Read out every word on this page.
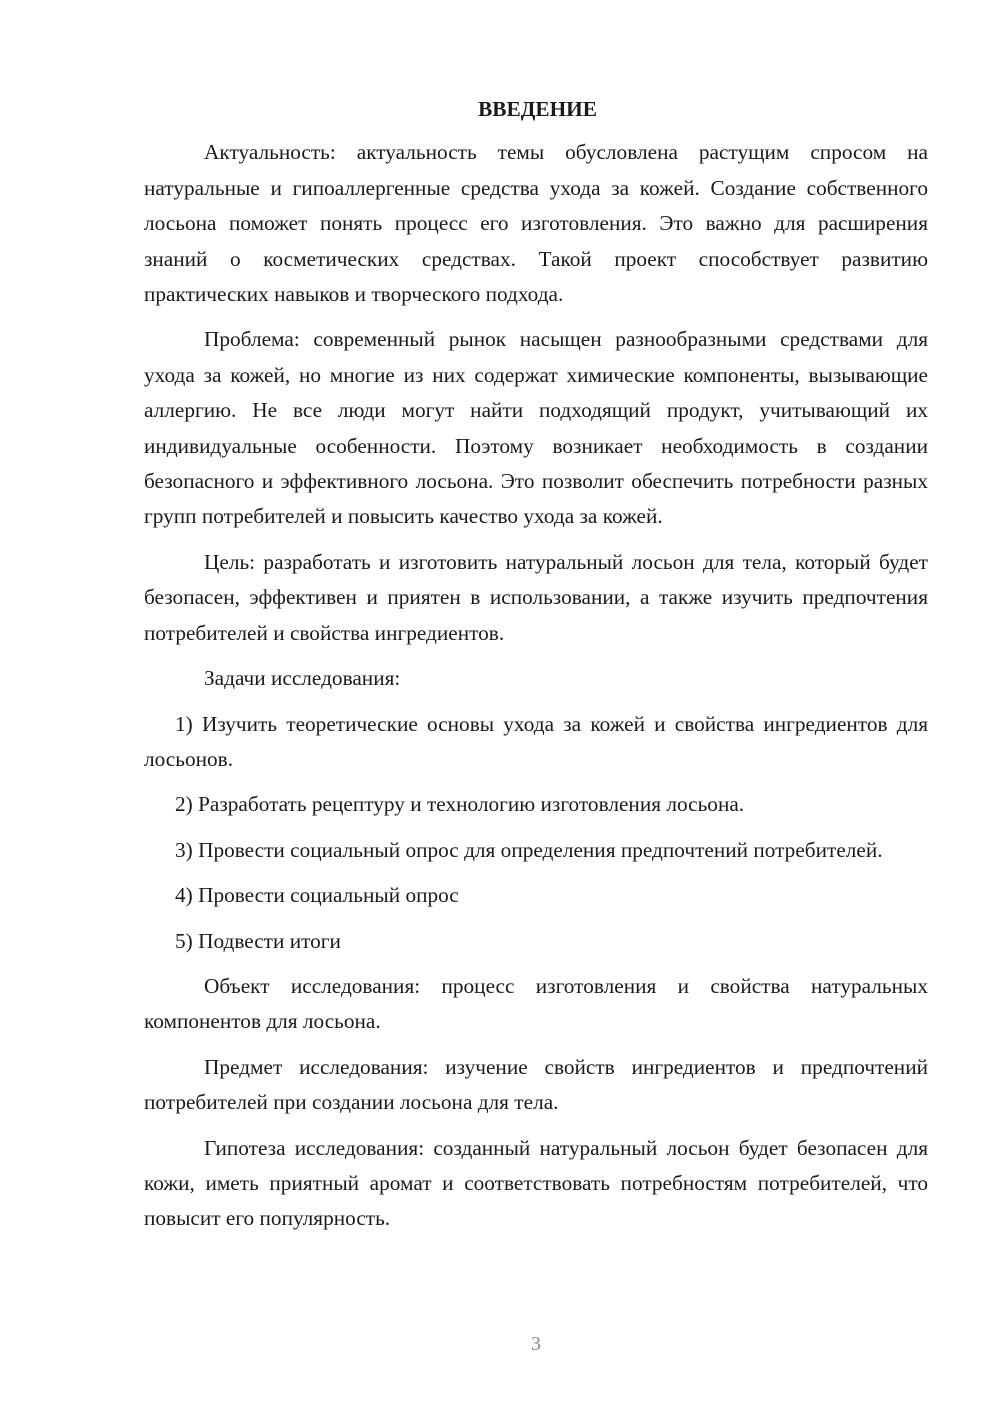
ВВЕДЕНИЕ

Актуальность: актуальность темы обусловлена растущим спросом на натуральные и гипоаллергенные средства ухода за кожей. Создание собственного лосьона поможет понять процесс его изготовления. Это важно для расширения знаний о косметических средствах. Такой проект способствует развитию практических навыков и творческого подхода.

Проблема: современный рынок насыщен разнообразными средствами для ухода за кожей, но многие из них содержат химические компоненты, вызывающие аллергию. Не все люди могут найти подходящий продукт, учитывающий их индивидуальные особенности. Поэтому возникает необходимость в создании безопасного и эффективного лосьона. Это позволит обеспечить потребности разных групп потребителей и повысить качество ухода за кожей.

Цель: разработать и изготовить натуральный лосьон для тела, который будет безопасен, эффективен и приятен в использовании, а также изучить предпочтения потребителей и свойства ингредиентов.

Задачи исследования:

1) Изучить теоретические основы ухода за кожей и свойства ингредиентов для лосьонов.

2) Разработать рецептуру и технологию изготовления лосьона.

3) Провести социальный опрос для определения предпочтений потребителей.

4) Провести социальный опрос

5) Подвести итоги

Объект исследования: процесс изготовления и свойства натуральных компонентов для лосьона.

Предмет исследования: изучение свойств ингредиентов и предпочтений потребителей при создании лосьона для тела.

Гипотеза исследования: созданный натуральный лосьон будет безопасен для кожи, иметь приятный аромат и соответствовать потребностям потребителей, что повысит его популярность.

3
